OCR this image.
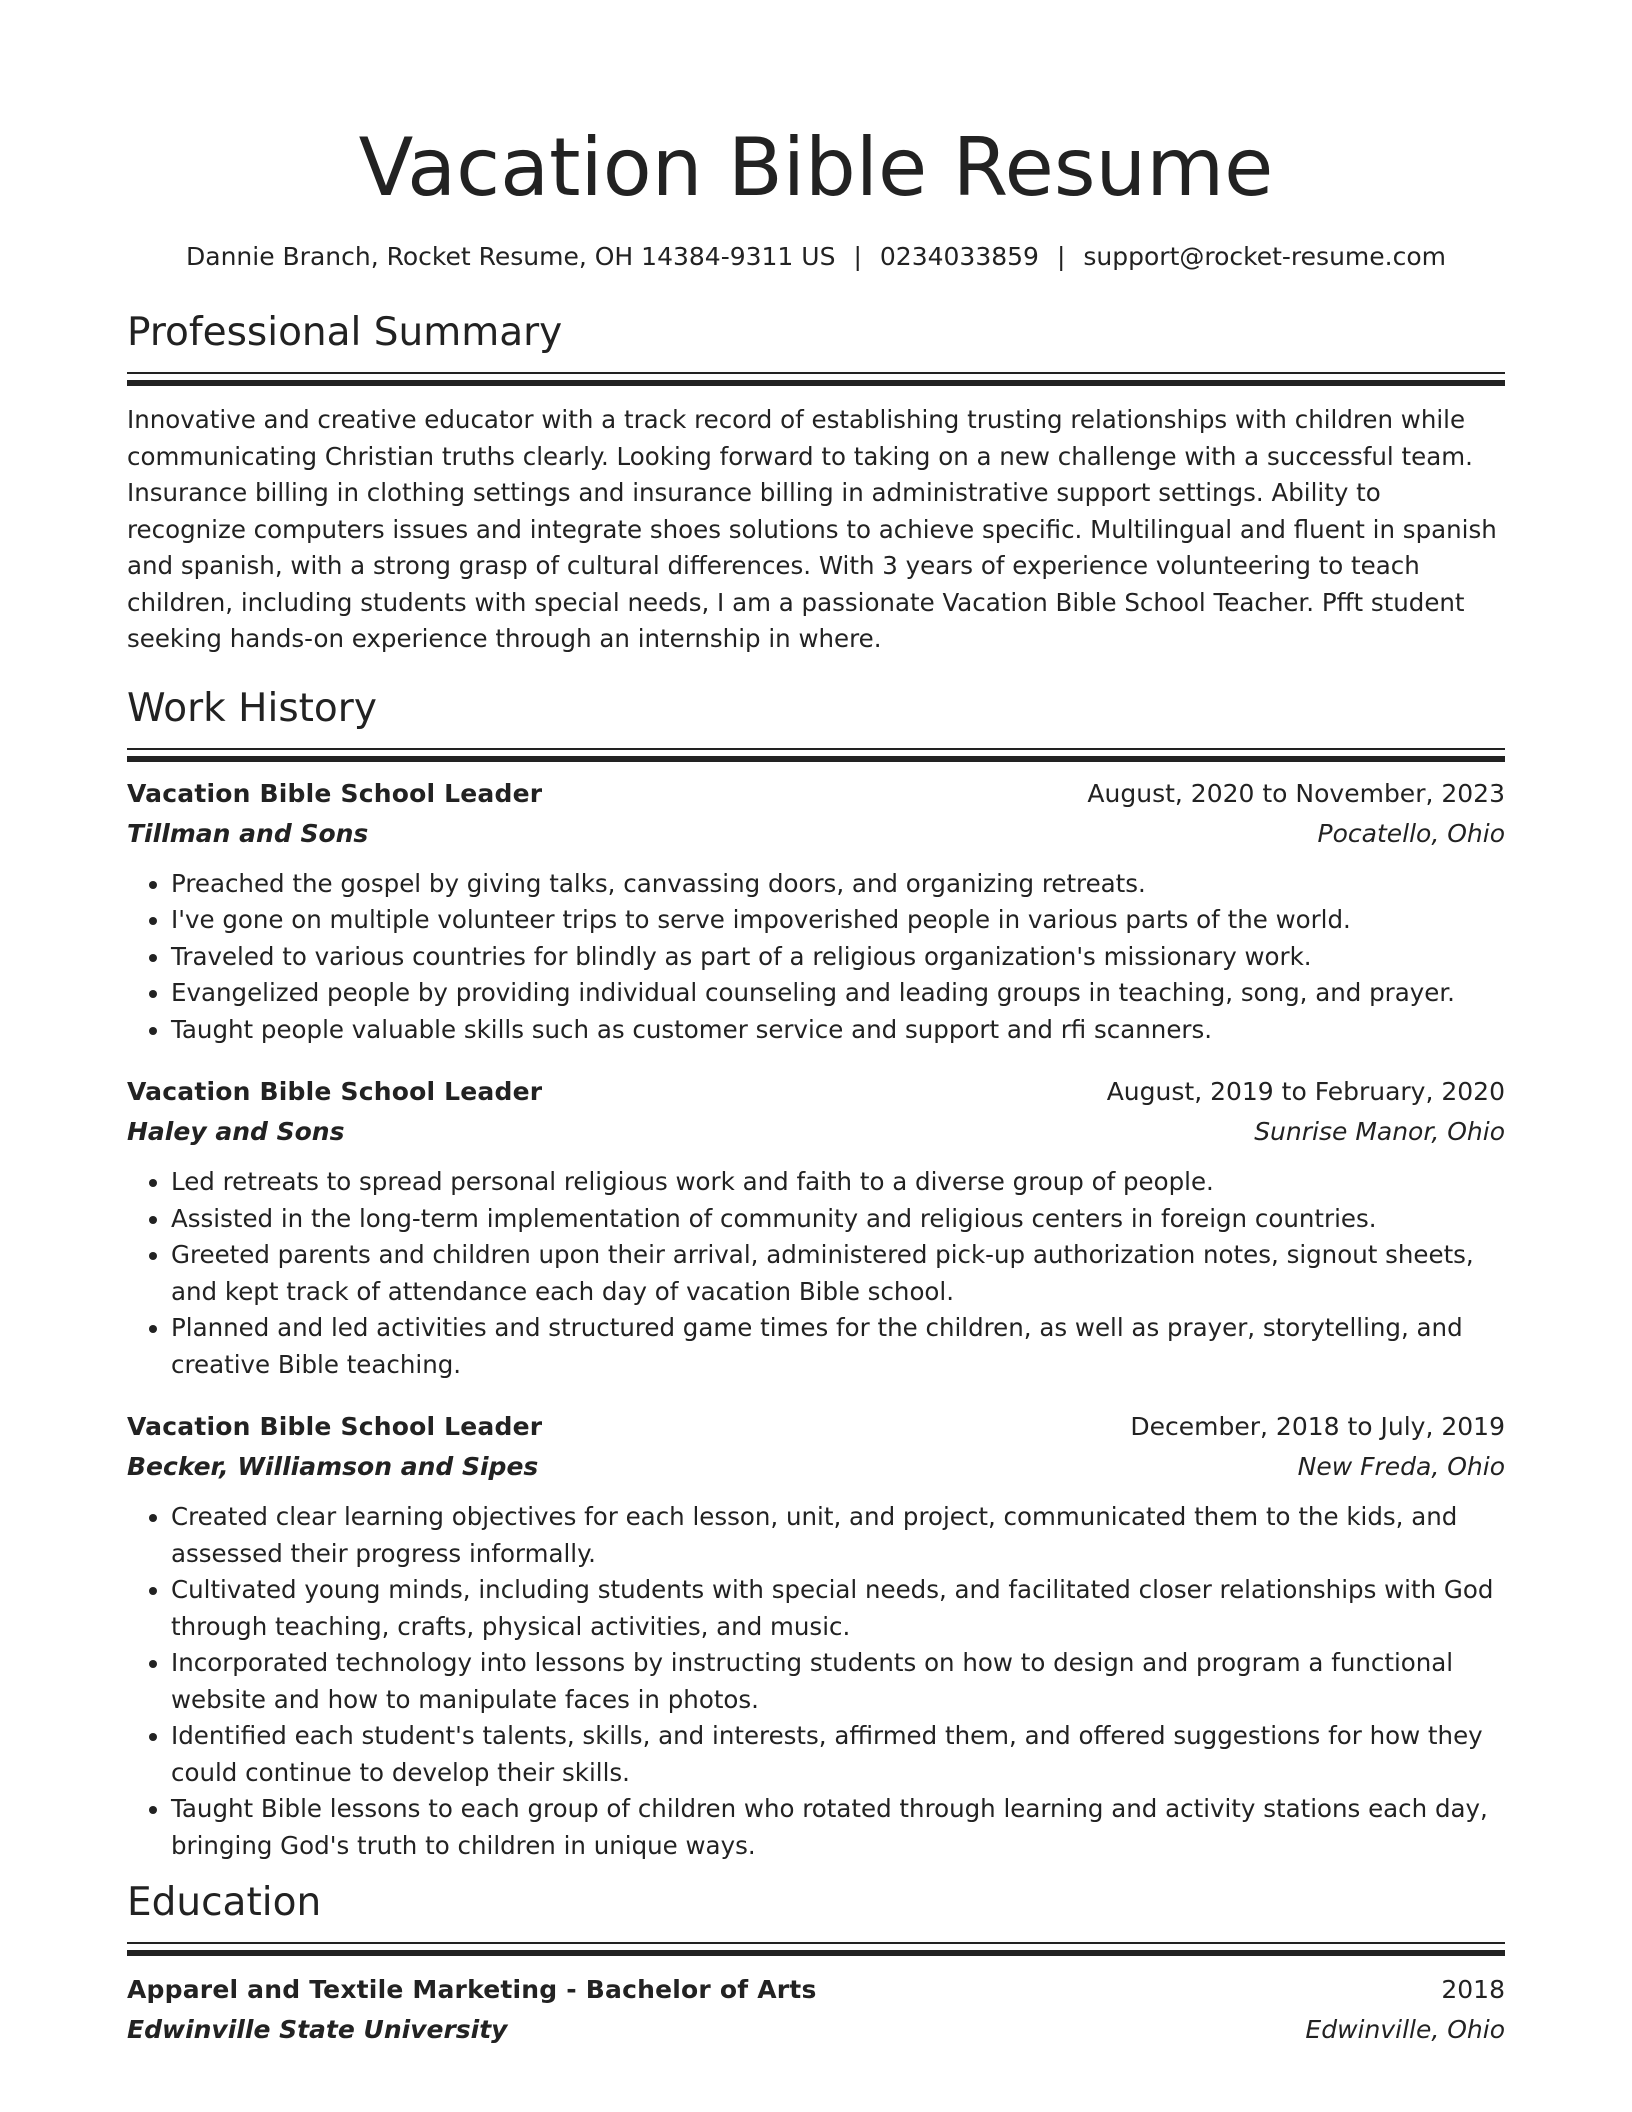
Vacation Bible Resume
Dannie Branch, Rocket Resume, OH 14384-9311 US | 0234033859 | support@rocket-resume.com
Professional Summary

Innovative and creative educator with a track record of establishing trusting relationships with children while communicating Christian truths clearly. Looking forward to taking on a new challenge with a successful team. Insurance billing in clothing settings and insurance billing in administrative support settings. Ability to recognize computers issues and integrate shoes solutions to achieve specific. Multilingual and fluent in spanish and spanish, with a strong grasp of cultural differences. With 3 years of experience volunteering to teach children, including students with special needs, I am a passionate Vacation Bible School Teacher. Pfft student seeking hands-on experience through an internship in where.

Work History
Vacation Bible School Leader	August, 2020 to November, 2023
Tillman and Sons	Pocatello, Ohio
• Preached the gospel by giving talks, canvassing doors, and organizing retreats.
• I've gone on multiple volunteer trips to serve impoverished people in various parts of the world.
• Traveled to various countries for blindly as part of a religious organization's missionary work.
• Evangelized people by providing individual counseling and leading groups in teaching, song, and prayer.
• Taught people valuable skills such as customer service and support and rfi scanners.
Vacation Bible School Leader	August, 2019 to February, 2020
Haley and Sons	Sunrise Manor, Ohio
• Led retreats to spread personal religious work and faith to a diverse group of people.
• Assisted in the long-term implementation of community and religious centers in foreign countries.
• Greeted parents and children upon their arrival, administered pick-up authorization notes, signout sheets, and kept track of attendance each day of vacation Bible school.
• Planned and led activities and structured game times for the children, as well as prayer, storytelling, and creative Bible teaching.
Vacation Bible School Leader	December, 2018 to July, 2019
Becker, Williamson and Sipes	New Freda, Ohio
• Created clear learning objectives for each lesson, unit, and project, communicated them to the kids, and assessed their progress informally.
• Cultivated young minds, including students with special needs, and facilitated closer relationships with God through teaching, crafts, physical activities, and music.
• Incorporated technology into lessons by instructing students on how to design and program a functional website and how to manipulate faces in photos.
• Identified each student's talents, skills, and interests, affirmed them, and offered suggestions for how they could continue to develop their skills.
• Taught Bible lessons to each group of children who rotated through learning and activity stations each day, bringing God's truth to children in unique ways.
Education
Apparel and Textile Marketing - Bachelor of Arts	2018
Edwinville State University	Edwinville, Ohio
